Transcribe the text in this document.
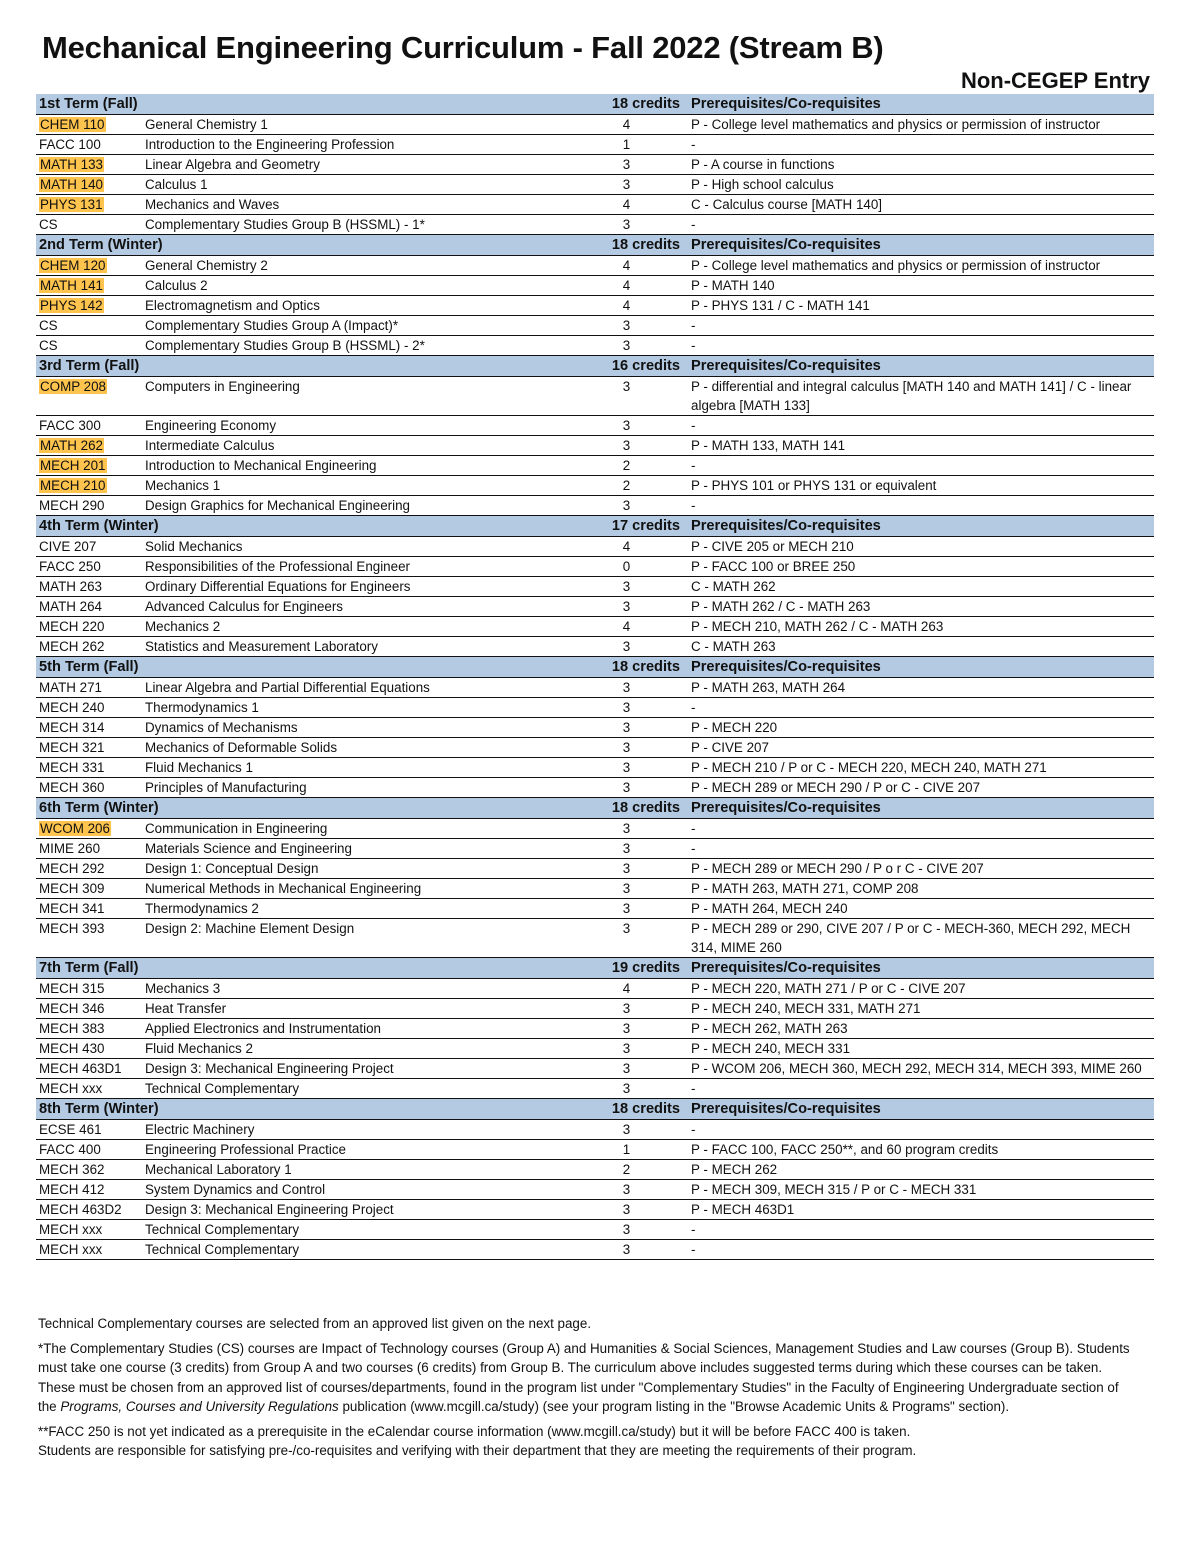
Mechanical Engineering Curriculum - Fall 2022 (Stream B)
Non-CEGEP Entry
1st Term (Fall)		18 credits	Prerequisites/Co-requisites
CHEM 110	General Chemistry 1	4	P - College level mathematics and physics or permission of instructor
FACC 100	Introduction to the Engineering Profession	1	-
MATH 133	Linear Algebra and Geometry	3	P - A course in functions
MATH 140	Calculus 1	3	P - High school calculus
PHYS 131	Mechanics and Waves	4	C - Calculus course [MATH 140]
CS	Complementary Studies Group B (HSSML) - 1*	3	-
2nd Term (Winter)		18 credits	Prerequisites/Co-requisites
CHEM 120	General Chemistry 2	4	P - College level mathematics and physics or permission of instructor
MATH 141	Calculus 2	4	P - MATH 140
PHYS 142	Electromagnetism and Optics	4	P - PHYS 131 / C - MATH 141
CS	Complementary Studies Group A (Impact)*	3	-
CS	Complementary Studies Group B (HSSML) - 2*	3	-
3rd Term (Fall)		16 credits	Prerequisites/Co-requisites
COMP 208	Computers in Engineering	3	P - differential and integral calculus [MATH 140 and MATH 141] / C - linear algebra [MATH 133]
FACC 300	Engineering Economy	3	-
MATH 262	Intermediate Calculus	3	P - MATH 133, MATH 141
MECH 201	Introduction to Mechanical Engineering	2	-
MECH 210	Mechanics 1	2	P - PHYS 101 or PHYS 131 or equivalent
MECH 290	Design Graphics for Mechanical Engineering	3	-
4th Term (Winter)		17 credits	Prerequisites/Co-requisites
CIVE 207	Solid Mechanics	4	P - CIVE 205 or MECH 210
FACC 250	Responsibilities of the Professional Engineer	0	P - FACC 100 or BREE 250
MATH 263	Ordinary Differential Equations for Engineers	3	C - MATH 262
MATH 264	Advanced Calculus for Engineers	3	P - MATH 262 / C - MATH 263
MECH 220	Mechanics 2	4	P - MECH 210, MATH 262 / C - MATH 263
MECH 262	Statistics and Measurement Laboratory	3	C - MATH 263
5th Term (Fall)		18 credits	Prerequisites/Co-requisites
MATH 271	Linear Algebra and Partial Differential Equations	3	P - MATH 263, MATH 264
MECH 240	Thermodynamics 1	3	-
MECH 314	Dynamics of Mechanisms	3	P - MECH 220
MECH 321	Mechanics of Deformable Solids	3	P - CIVE 207
MECH 331	Fluid Mechanics 1	3	P - MECH 210 / P or C - MECH 220, MECH 240, MATH 271
MECH 360	Principles of Manufacturing	3	P - MECH 289 or MECH 290 / P or C - CIVE 207
6th Term (Winter)		18 credits	Prerequisites/Co-requisites
WCOM 206	Communication in Engineering	3	-
MIME 260	Materials Science and Engineering	3	-
MECH 292	Design 1: Conceptual Design	3	P - MECH 289 or MECH 290 / P o r C - CIVE 207
MECH 309	Numerical Methods in Mechanical Engineering	3	P - MATH 263, MATH 271, COMP 208
MECH 341	Thermodynamics 2	3	P - MATH 264, MECH 240
MECH 393	Design 2: Machine Element Design	3	P - MECH 289 or 290, CIVE 207 / P or C - MECH-360, MECH 292, MECH 314, MIME 260
7th Term (Fall)		19 credits	Prerequisites/Co-requisites
MECH 315	Mechanics 3	4	P - MECH 220, MATH 271 / P or C - CIVE 207
MECH 346	Heat Transfer	3	P - MECH 240, MECH 331, MATH 271
MECH 383	Applied Electronics and Instrumentation	3	P - MECH 262, MATH 263
MECH 430	Fluid Mechanics 2	3	P - MECH 240, MECH 331
MECH 463D1	Design 3: Mechanical Engineering Project	3	P - WCOM 206, MECH 360, MECH 292, MECH 314, MECH 393, MIME 260
MECH xxx	Technical Complementary	3	-
8th Term (Winter)		18 credits	Prerequisites/Co-requisites
ECSE 461	Electric Machinery	3	-
FACC 400	Engineering Professional Practice	1	P - FACC 100, FACC 250**, and 60 program credits
MECH 362	Mechanical Laboratory 1	2	P - MECH 262
MECH 412	System Dynamics and Control	3	P - MECH 309, MECH 315 / P or C - MECH 331
MECH 463D2	Design 3: Mechanical Engineering Project	3	P - MECH 463D1
MECH xxx	Technical Complementary	3	-
MECH xxx	Technical Complementary	3	-

Technical Complementary courses are selected from an approved list given on the next page.

*The Complementary Studies (CS) courses are Impact of Technology courses (Group A) and Humanities & Social Sciences, Management Studies and Law courses (Group B). Students must take one course (3 credits) from Group A and two courses (6 credits) from Group B. The curriculum above includes suggested terms during which these courses can be taken. These must be chosen from an approved list of courses/departments, found in the program list under "Complementary Studies" in the Faculty of Engineering Undergraduate section of the Programs, Courses and University Regulations publication (www.mcgill.ca/study) (see your program listing in the "Browse Academic Units & Programs" section).

**FACC 250 is not yet indicated as a prerequisite in the eCalendar course information (www.mcgill.ca/study) but it will be before FACC 400 is taken.

Students are responsible for satisfying pre-/co-requisites and verifying with their department that they are meeting the requirements of their program.
